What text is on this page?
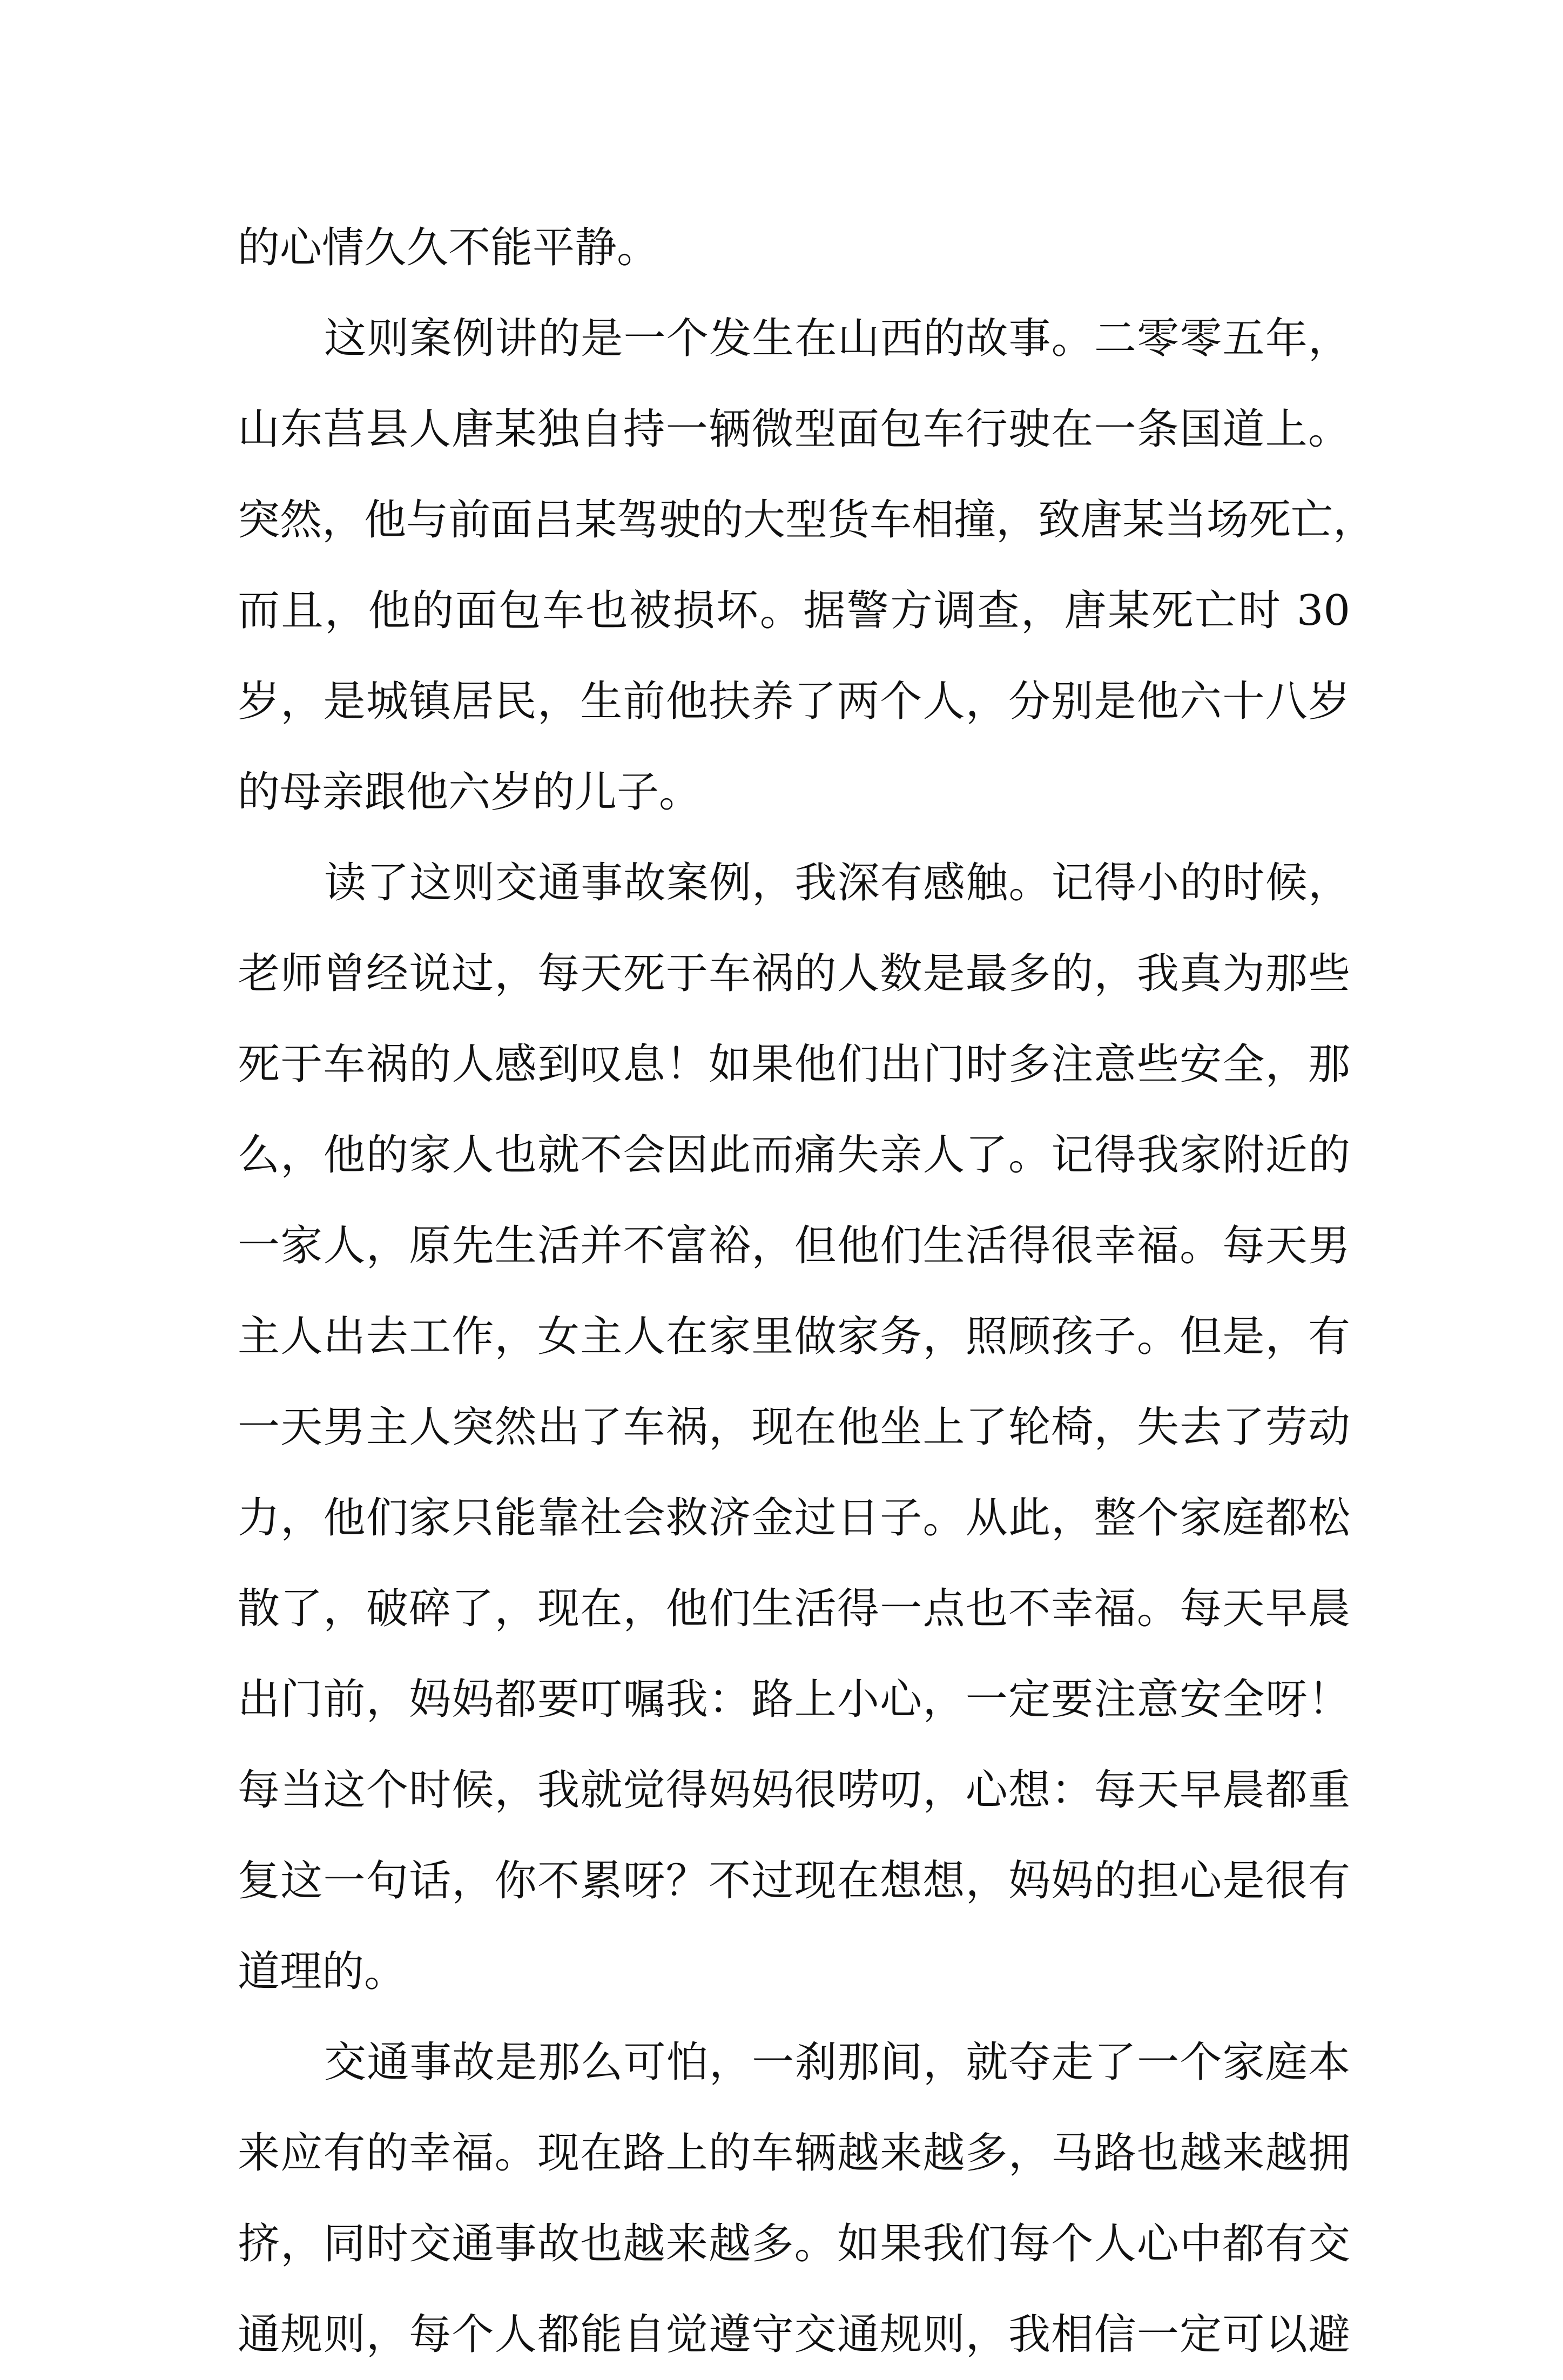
的心情久久不能平静。
这则案例讲的是一个发生在山西的故事。二零零五年，
山东莒县人唐某独自持一辆微型面包车行驶在一条国道上。
突然，他与前面吕某驾驶的大型货车相撞，致唐某当场死亡，
而且，他的面包车也被损坏。据警方调查，唐某死亡时 30
岁，是城镇居民，生前他扶养了两个人，分别是他六十八岁
的母亲跟他六岁的儿子。
读了这则交通事故案例，我深有感触。记得小的时候，
老师曾经说过，每天死于车祸的人数是最多的，我真为那些
死于车祸的人感到叹息！如果他们出门时多注意些安全，那
么，他的家人也就不会因此而痛失亲人了。记得我家附近的
一家人，原先生活并不富裕，但他们生活得很幸福。每天男
主人出去工作，女主人在家里做家务，照顾孩子。但是，有
一天男主人突然出了车祸，现在他坐上了轮椅，失去了劳动
力，他们家只能靠社会救济金过日子。从此，整个家庭都松
散了，破碎了，现在，他们生活得一点也不幸福。每天早晨
出门前，妈妈都要叮嘱我：路上小心，一定要注意安全呀！
每当这个时候，我就觉得妈妈很唠叨，心想：每天早晨都重
复这一句话，你不累呀？不过现在想想，妈妈的担心是很有
道理的。
交通事故是那么可怕，一刹那间，就夺走了一个家庭本
来应有的幸福。现在路上的车辆越来越多，马路也越来越拥
挤，同时交通事故也越来越多。如果我们每个人心中都有交
通规则，每个人都能自觉遵守交通规则，我相信一定可以避
